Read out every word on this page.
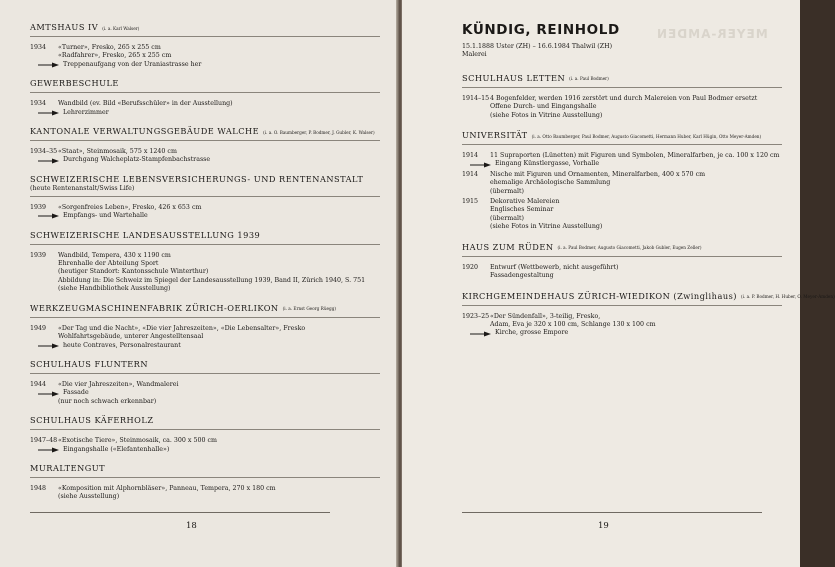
AMTSHAUS IV (i. a. Karl Walser)
1934	«Turner», Fresko, 265 x 255 cm
«Radfahrer», Fresko, 265 x 255 cm
Treppenaufgang von der Uraniastrasse her
GEWERBESCHULE
1934	Wandbild (ev. Bild «Berufsschüler» in der Ausstellung)
Lehrerzimmer
KANTONALE VERWALTUNGSGEBÄUDE WALCHE (i. a. O. Baumberger, P. Bodmer, J. Gubler, K. Walser)
1934–35 «Staat», Steinmosaik, 575 x 1240 cm
Durchgang Walcheplatz-Stampfenbachstrasse
SCHWEIZERISCHE LEBENSVERSICHERUNGS- UND RENTENANSTALT
(heute Rentenanstalt/Swiss Life)
1939	«Sorgenfreies Leben», Fresko, 426 x 653 cm
Empfangs- und Wartehalle
SCHWEIZERISCHE LANDESAUSSTELLUNG 1939
1939	Wandbild, Tempera, 430 x 1190 cm
Ehrenhalle der Abteilung Sport
(heutiger Standort: Kantonsschule Winterthur)
Abbildung in: Die Schweiz im Spiegel der Landesausstellung 1939, Band II, Zürich 1940, S. 751
(siehe Handbibliothek Ausstellung)
WERKZEUGMASCHINENFABRIK ZÜRICH-OERLIKON (i. a. Ernst Georg Rüegg)
1949	«Der Tag und die Nacht», «Die vier Jahreszeiten», «Die Lebensalter», Fresko
Wohlfahrtsgebäude, unterer Angestelltensaal
heute Contraves, Personalrestaurant
SCHULHAUS FLUNTERN
1944	«Die vier Jahreszeiten», Wandmalerei
Fassade
(nur noch schwach erkennbar)
SCHULHAUS KÄFERHOLZ
1947–48 «Exotische Tiere», Steinmosaik, ca. 300 x 500 cm
Eingangshalle («Elefantenhalle»)
MURALTENGUT
1948	«Komposition mit Alphornbläser», Panneau, Tempera, 270 x 180 cm
(siehe Ausstellung)
18
MEYER-AMDEN
KÜNDIG, REINHOLD
15.1.1888 Uster (ZH) – 16.6.1984 Thalwil (ZH)
Malerei
SCHULHAUS LETTEN (i. a. Paul Bodmer)
1914–15 4 Bogenfelder, werden 1916 zerstört und durch Malereien von Paul Bodmer ersetzt
Offene Durch- und Eingangshalle
(siehe Fotos in Vitrine Ausstellung)
UNIVERSITÄT (i. a. Otto Baumberger, Paul Bodmer, Augusto Giacometti, Hermann Huber, Karl Hügin, Otto Meyer-Amden)
1914	11 Supraporten (Lünetten) mit Figuren und Symbolen, Mineralfarben, je ca. 100 x 120 cm
Eingang Künstlergasse, Vorhalle
1914	Nische mit Figuren und Ornamenten, Mineralfarben, 400 x 570 cm
ehemalige Archäologische Sammlung
(übermalt)
1915	Dekorative Malereien
Englisches Seminar
(übermalt)
(siehe Fotos in Vitrine Ausstellung)
HAUS ZUM RÜDEN (i. a. Paul Bodmer, Augusto Giacometti, Jakob Gubler, Eugen Zeller)
1920	Entwurf (Wettbewerb, nicht ausgeführt)
Fassadengestaltung
KIRCHGEMEINDEHAUS ZÜRICH-WIEDIKON (Zwinglihaus) (i. a. P. Bodmer, H. Huber, O. Meyer-Amden)
1923–25 «Der Sündenfall», 3-teilig, Fresko,
Adam, Eva je 320 x 100 cm, Schlange 130 x 100 cm
Kirche, grosse Empore
19
